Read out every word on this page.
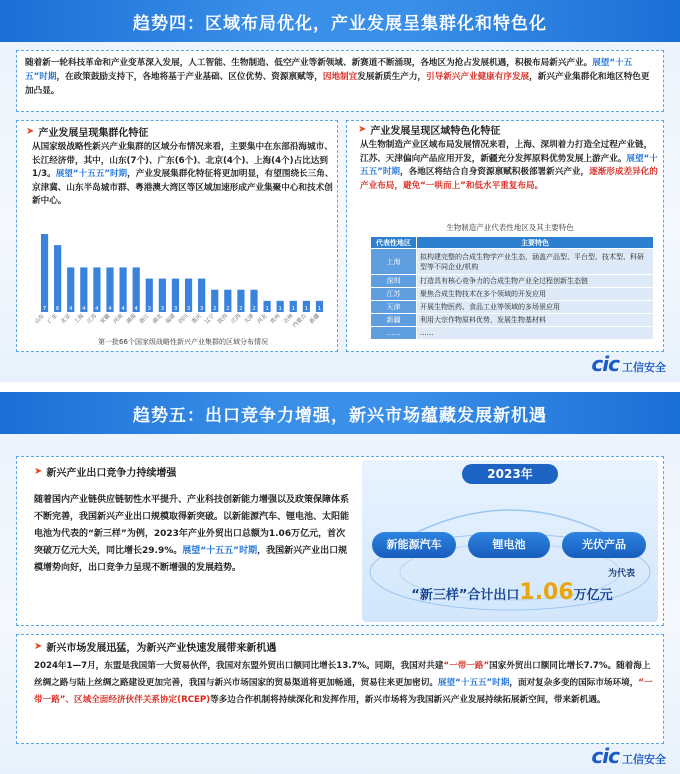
趋势四：区域布局优化，产业发展呈集群化和特色化

随着新一轮科技革命和产业变革深入发展，人工智能、生物制造、低空产业等新领域、新赛道不断涌现，各地区为抢占发展机遇，积极布局新兴产业。展望“十五五”时期，在政策鼓励支持下，各地将基于产业基础、区位优势、资源禀赋等，因地制宜发展新质生产力，引导新兴产业健康有序发展，新兴产业集群化和地区特色更加凸显。

➤ 产业发展呈现集群化特征

从国家级战略性新兴产业集群的区域分布情况来看，主要集中在东部沿海城市、长江经济带，其中，山东(7个)、广东(6个)、北京(4个)、上海(4个)占比达到1/3。展望“十五五”时期，产业发展集群化特征将更加明显，有望围绕长三角、京津冀、山东半岛城市群、粤港澳大湾区等区域加速形成产业集聚中心和技术创新中心。

7
山东
6
广东
4
北京
4
上海
4
江苏
4
安徽
4
河南
4
湖南
3
浙江
3
湖北
3
福建
3
四川
3
重庆
2
辽宁
2
陕西
2
江西
2
天津
1
河北
1
贵州
1
吉林
1
内蒙古
1
新疆
第一批66个国家级战略性新兴产业集群的区域分布情况
➤ 产业发展呈现区域特色化特征

从生物制造产业区域布局发展情况来看，上海、深圳着力打造全过程产业链，江苏、天津偏向产品应用开发，新疆充分发挥原料优势发展上游产业。展望“十五五”时期，各地区将结合自身资源禀赋积极部署新兴产业，逐渐形成差异化的产业布局，避免“一哄而上”和低水平重复布局。

生物制造产业代表性地区及其主要特色
代表性地区	主要特色
上海	拟构建完整的合成生物学产业生态，涵盖产品型、平台型、技术型、科研型等不同企业/机构
深圳	打造具有核心竞争力的合成生物产业全过程创新生态链
江苏	聚焦合成生物技术在多个领域的开发应用
天津	开展生物医药、食品工业等领域的多场景应用
新疆	利用大宗作物原料优势，发展生物基材料
......	......
cic 工信安全
趋势五：出口竞争力增强，新兴市场蕴藏发展新机遇
➤ 新兴产业出口竞争力持续增强

随着国内产业链供应链韧性水平提升、产业科技创新能力增强以及政策保障体系不断完善，我国新兴产业出口规模取得新突破。以新能源汽车、锂电池、太阳能电池为代表的“新三样”为例，2023年产业外贸出口总额为1.06万亿元，首次突破万亿元大关，同比增长29.9%。展望“十五五”时期，我国新兴产业出口规模增势向好，出口竞争力呈现不断增强的发展趋势。

2023年
新能源汽车	锂电池	光伏产品
为代表
“新三样”合计出口1.06万亿元
➤ 新兴市场发展迅猛，为新兴产业快速发展带来新机遇

2024年1—7月，东盟是我国第一大贸易伙伴，我国对东盟外贸出口额同比增长13.7%。同期，我国对共建“一带一路”国家外贸出口额同比增长7.7%。随着海上丝绸之路与陆上丝绸之路建设更加完善，我国与新兴市场国家的贸易渠道将更加畅通，贸易往来更加密切。展望“十五五”时期，面对复杂多变的国际市场环境，“一带一路”、区域全面经济伙伴关系协定(RCEP)等多边合作机制将持续深化和发挥作用，新兴市场将为我国新兴产业发展持续拓展新空间，带来新机遇。

cic 工信安全
